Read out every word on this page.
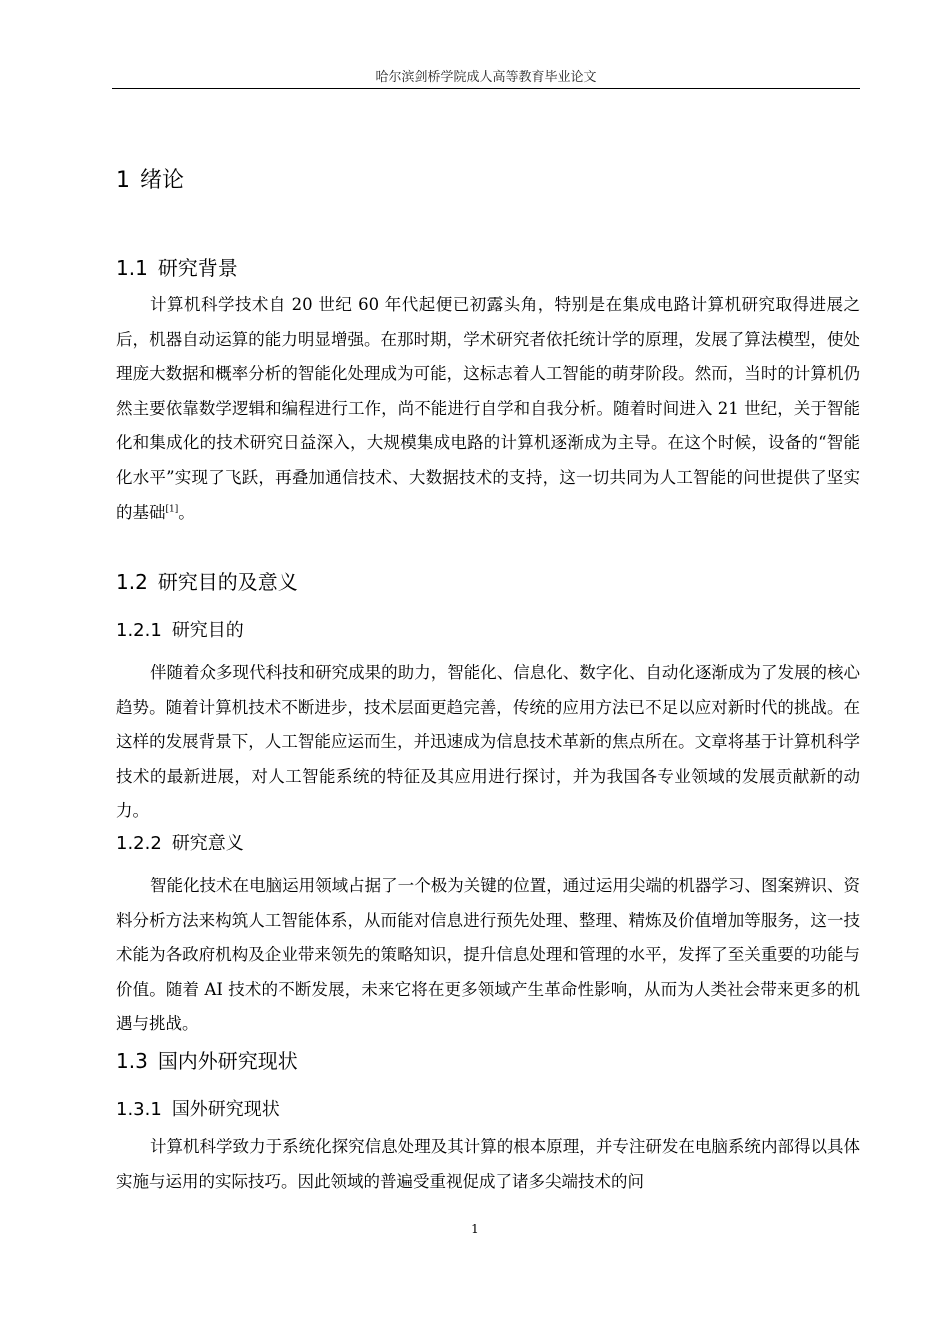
哈尔滨剑桥学院成人高等教育毕业论文
1 绪论
1.1 研究背景

计算机科学技术自 20 世纪 60 年代起便已初露头角，特别是在集成电路计算机研究取得进展之后，机器自动运算的能力明显增强。在那时期，学术研究者依托统计学的原理，发展了算法模型，使处理庞大数据和概率分析的智能化处理成为可能，这标志着人工智能的萌芽阶段。然而，当时的计算机仍然主要依靠数学逻辑和编程进行工作，尚不能进行自学和自我分析。随着时间进入 21 世纪，关于智能化和集成化的技术研究日益深入，大规模集成电路的计算机逐渐成为主导。在这个时候，设备的“智能化水平”实现了飞跃，再叠加通信技术、大数据技术的支持，这一切共同为人工智能的问世提供了坚实的基础[1]。

1.2 研究目的及意义
1.2.1 研究目的

伴随着众多现代科技和研究成果的助力，智能化、信息化、数字化、自动化逐渐成为了发展的核心趋势。随着计算机技术不断进步，技术层面更趋完善，传统的应用方法已不足以应对新时代的挑战。在这样的发展背景下，人工智能应运而生，并迅速成为信息技术革新的焦点所在。文章将基于计算机科学技术的最新进展，对人工智能系统的特征及其应用进行探讨，并为我国各专业领域的发展贡献新的动力。

1.2.2 研究意义

智能化技术在电脑运用领域占据了一个极为关键的位置，通过运用尖端的机器学习、图案辨识、资料分析方法来构筑人工智能体系，从而能对信息进行预先处理、整理、精炼及价值增加等服务，这一技术能为各政府机构及企业带来领先的策略知识，提升信息处理和管理的水平，发挥了至关重要的功能与价值。随着 AI 技术的不断发展，未来它将在更多领域产生革命性影响，从而为人类社会带来更多的机遇与挑战。

1.3 国内外研究现状
1.3.1 国外研究现状

计算机科学致力于系统化探究信息处理及其计算的根本原理，并专注研发在电脑系统内部得以具体实施与运用的实际技巧。因此领域的普遍受重视促成了诸多尖端技术的问

1
